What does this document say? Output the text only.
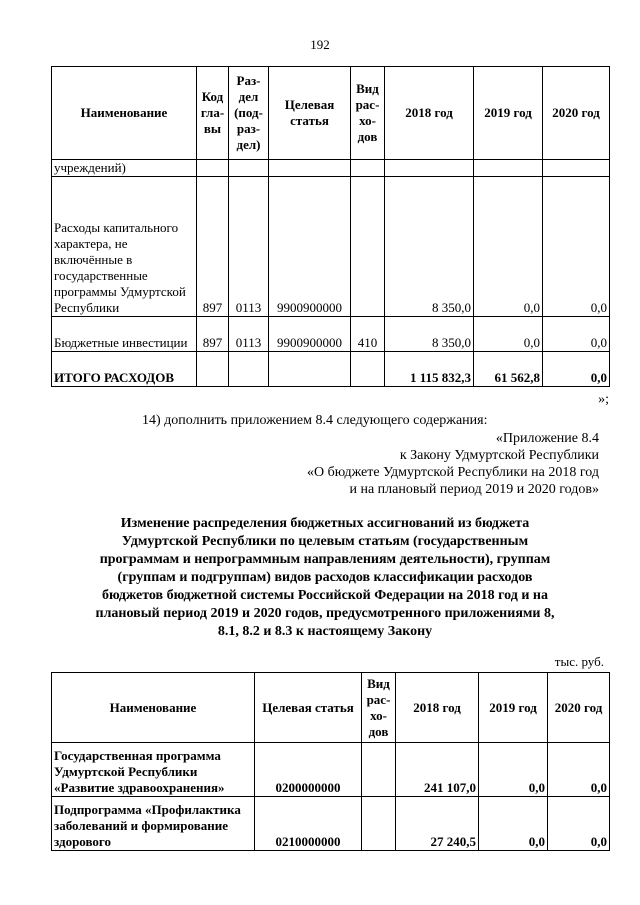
192
Наименование	Код гла-вы	Раз-дел (под-раз-дел)	Целевая статья	Вид рас-хо-дов	2018 год	2019 год	2020 год
учреждений)							
Расходы капитального характера, не включённые в государственные программы Удмуртской Республики	897	0113	9900900000		8 350,0	0,0	0,0
Бюджетные инвестиции	897	0113	9900900000	410	8 350,0	0,0	0,0
ИТОГО РАСХОДОВ					1 115 832,3	61 562,8	0,0
»;
14) дополнить приложением 8.4 следующего содержания:
«Приложение 8.4
к Закону Удмуртской Республики
«О бюджете Удмуртской Республики на 2018 год
и на плановый период 2019 и 2020 годов»
Изменение распределения бюджетных ассигнований из бюджета Удмуртской Республики по целевым статьям (государственным программам и непрограммным направлениям деятельности), группам (группам и подгруппам) видов расходов классификации расходов бюджетов бюджетной системы Российской Федерации на 2018 год и на плановый период 2019 и 2020 годов, предусмотренного приложениями 8, 8.1, 8.2 и 8.3 к настоящему Закону
тыс. руб.
Наименование	Целевая статья	Вид рас-хо-дов	2018 год	2019 год	2020 год
Государственная программа Удмуртской Республики «Развитие здравоохранения»	0200000000		241 107,0	0,0	0,0
Подпрограмма «Профилактика заболеваний и формирование здорового	0210000000		27 240,5	0,0	0,0
